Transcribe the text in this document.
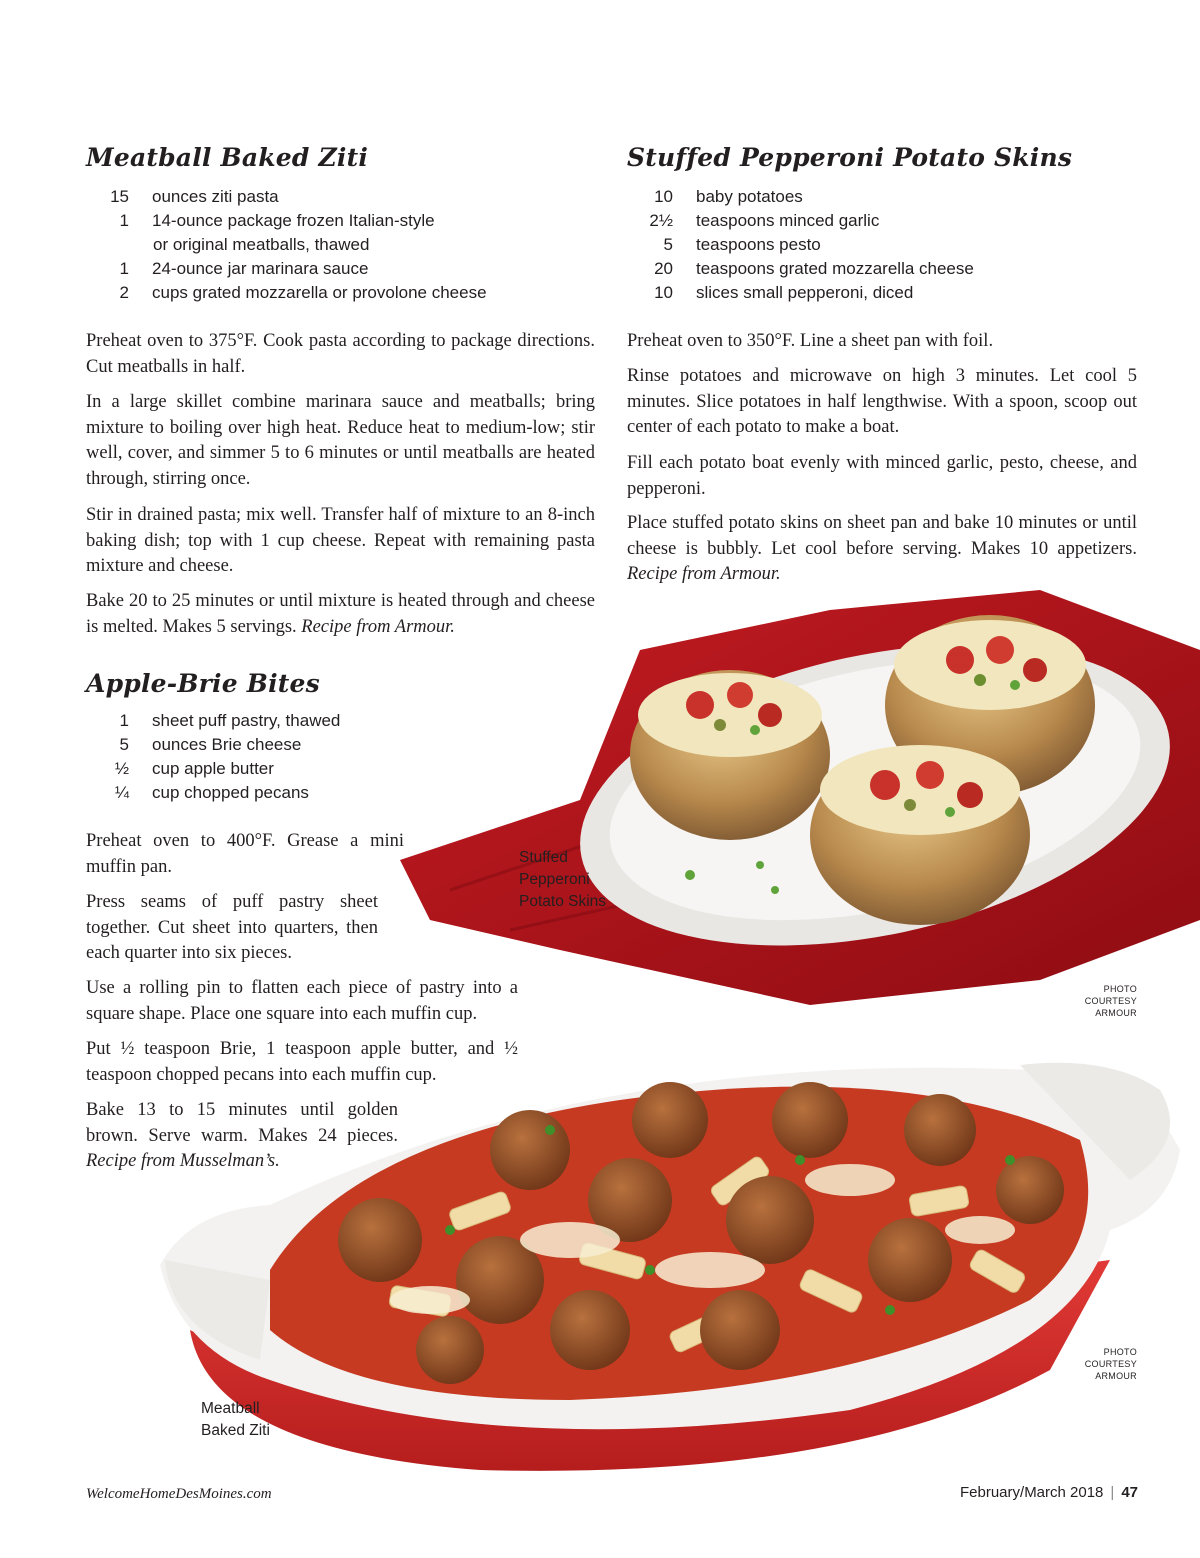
Meatball Baked Ziti
15 ounces ziti pasta
1 14-ounce package frozen Italian-style
or original meatballs, thawed
1 24-ounce jar marinara sauce
2 cups grated mozzarella or provolone cheese

Preheat oven to 375°F. Cook pasta according to package directions. Cut meatballs in half.

In a large skillet combine marinara sauce and meatballs; bring mixture to boiling over high heat. Reduce heat to medium-low; stir well, cover, and simmer 5 to 6 minutes or until meatballs are heated through, stirring once.

Stir in drained pasta; mix well. Transfer half of mixture to an 8-inch baking dish; top with 1 cup cheese. Repeat with remaining pasta mixture and cheese.

Bake 20 to 25 minutes or until mixture is heated through and cheese is melted. Makes 5 servings. Recipe from Armour.

Stuffed Pepperoni Potato Skins
10 baby potatoes
2½ teaspoons minced garlic
5 teaspoons pesto
20 teaspoons grated mozzarella cheese
10 slices small pepperoni, diced

Preheat oven to 350°F. Line a sheet pan with foil.

Rinse potatoes and microwave on high 3 minutes. Let cool 5 minutes. Slice potatoes in half lengthwise. With a spoon, scoop out center of each potato to make a boat.

Fill each potato boat evenly with minced garlic, pesto, cheese, and pepperoni.

Place stuffed potato skins on sheet pan and bake 10 minutes or until cheese is bubbly. Let cool before serving. Makes 10 appetizers. Recipe from Armour.

Stuffed
Pepperoni
Potato Skins
PHOTO
COURTESY
ARMOUR
Apple-Brie Bites
1 sheet puff pastry, thawed
5 ounces Brie cheese
½ cup apple butter
¼ cup chopped pecans

Preheat oven to 400°F. Grease a mini muffin pan.

Press seams of puff pastry sheet together. Cut sheet into quarters, then each quarter into six pieces.

Use a rolling pin to flatten each piece of pastry into a square shape. Place one square into each muffin cup.

Put ½ teaspoon Brie, 1 teaspoon apple butter, and ½ teaspoon chopped pecans into each muffin cup.

Bake 13 to 15 minutes until golden brown. Serve warm. Makes 24 pieces. Recipe from Musselman’s.

Meatball
Baked Ziti
PHOTO
COURTESY
ARMOUR
WelcomeHomeDesMoines.com	February/March 2018 | 47
